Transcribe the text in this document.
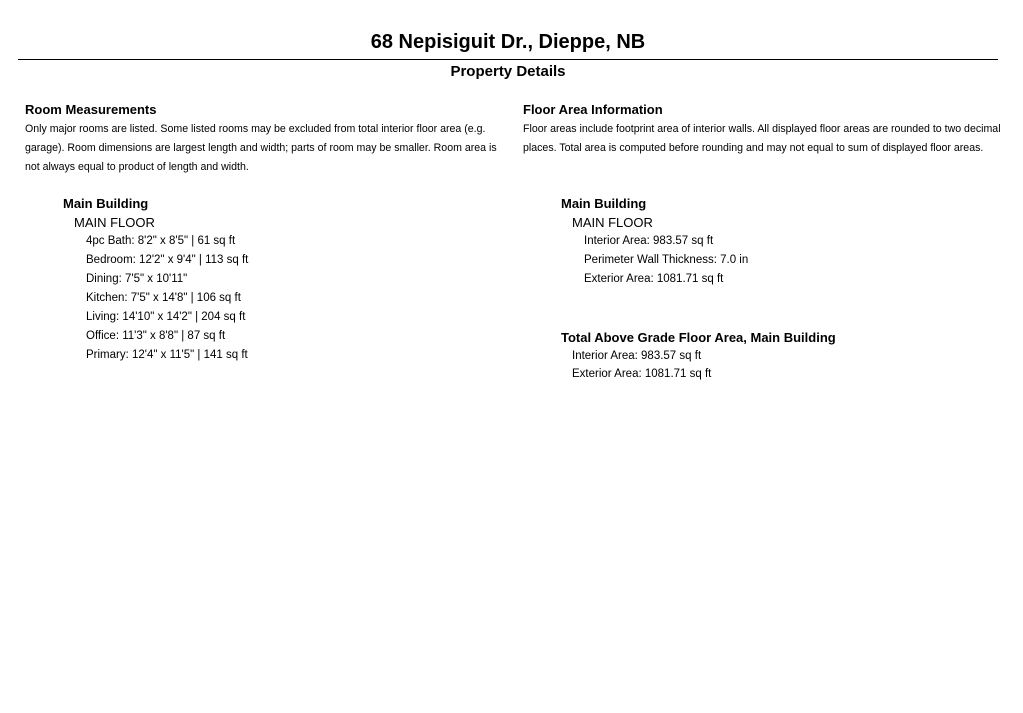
68 Nepisiguit Dr., Dieppe, NB
Property Details
Room Measurements
Only major rooms are listed. Some listed rooms may be excluded from total interior floor area (e.g. garage). Room dimensions are largest length and width; parts of room may be smaller. Room area is not always equal to product of length and width.
Main Building
MAIN FLOOR
4pc Bath: 8'2" x 8'5" | 61 sq ft
Bedroom: 12'2" x 9'4" | 113 sq ft
Dining: 7'5" x 10'11"
Kitchen: 7'5" x 14'8" | 106 sq ft
Living: 14'10" x 14'2" | 204 sq ft
Office: 11'3" x 8'8" | 87 sq ft
Primary: 12'4" x 11'5" | 141 sq ft
Floor Area Information
Floor areas include footprint area of interior walls. All displayed floor areas are rounded to two decimal places. Total area is computed before rounding and may not equal to sum of displayed floor areas.
Main Building
MAIN FLOOR
Interior Area: 983.57 sq ft
Perimeter Wall Thickness: 7.0 in
Exterior Area: 1081.71 sq ft
Total Above Grade Floor Area, Main Building
Interior Area: 983.57 sq ft
Exterior Area: 1081.71 sq ft
